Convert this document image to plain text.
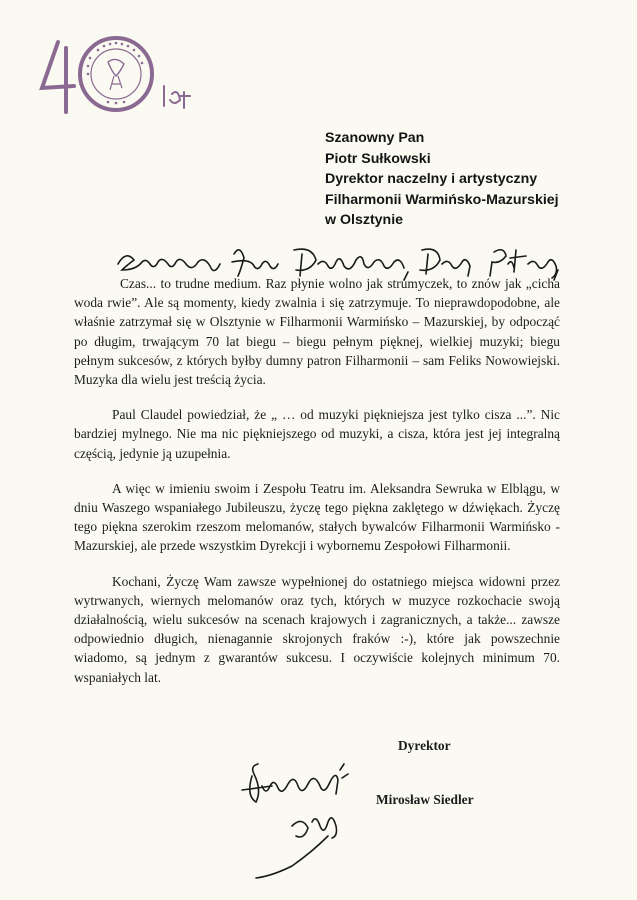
Szanowny Pan
Piotr Sułkowski
Dyrektor naczelny i artystyczny
Filharmonii Warmińsko-Mazurskiej
w Olsztynie

Czas... to trudne medium. Raz płynie wolno jak strumyczek, to znów jak „cicha woda rwie”. Ale są momenty, kiedy zwalnia i się zatrzymuje. To nieprawdopodobne, ale właśnie zatrzymał się w Olsztynie w Filharmonii Warmińsko – Mazurskiej, by odpocząć po długim, trwającym 70 lat biegu – biegu pełnym pięknej, wielkiej muzyki; biegu pełnym sukcesów, z których byłby dumny patron Filharmonii – sam Feliks Nowowiejski. Muzyka dla wielu jest treścią życia.

Paul Claudel powiedział, że „ … od muzyki piękniejsza jest tylko cisza ...”. Nic bardziej mylnego. Nie ma nic piękniejszego od muzyki, a cisza, która jest jej integralną częścią, jedynie ją uzupełnia.

A więc w imieniu swoim i Zespołu Teatru im. Aleksandra Sewruka w Elblągu, w dniu Waszego wspaniałego Jubileuszu, życzę tego piękna zaklętego w dźwiękach. Życzę tego piękna szerokim rzeszom melomanów, stałych bywalców Filharmonii Warmińsko - Mazurskiej, ale przede wszystkim Dyrekcji i wybornemu Zespołowi Filharmonii.

Kochani, Życzę Wam zawsze wypełnionej do ostatniego miejsca widowni przez wytrwanych, wiernych melomanów oraz tych, których w muzyce rozkochacie swoją działalnością, wielu sukcesów na scenach krajowych i zagranicznych, a także... zawsze odpowiednio długich, nienagannie skrojonych fraków :-), które jak powszechnie wiadomo, są jednym z gwarantów sukcesu. I oczywiście kolejnych minimum 70. wspaniałych lat.

Dyrektor
Mirosław Siedler
